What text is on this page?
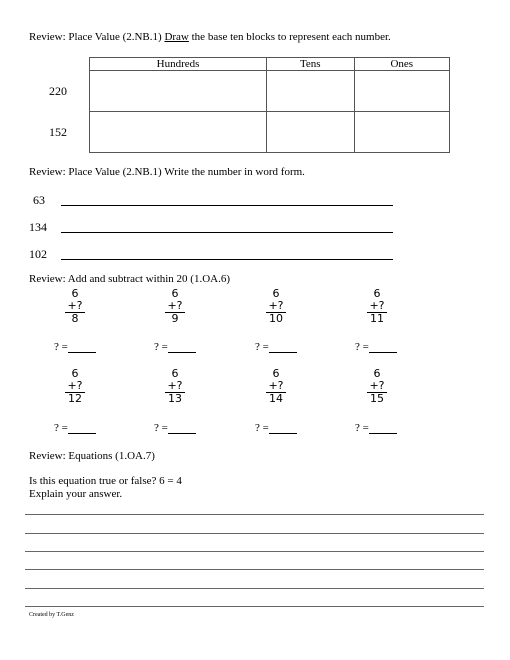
Review: Place Value (2.NB.1) Draw the base ten blocks to represent each number.
Hundreds	Tens	Ones

220
152
Review: Place Value (2.NB.1) Write the number in word form.
63
134
102
Review: Add and subtract within 20 (1.OA.6)
6
+?
8
6
+?
9
6
+?
10
6
+?
11
? =	? =	? =	? =
6
+?
12
6
+?
13
6
+?
14
6
+?
15
? =	? =	? =	? =
Review: Equations (1.OA.7)
Is this equation true or false? 6 = 4
Explain your answer.
Created by T.Genz
